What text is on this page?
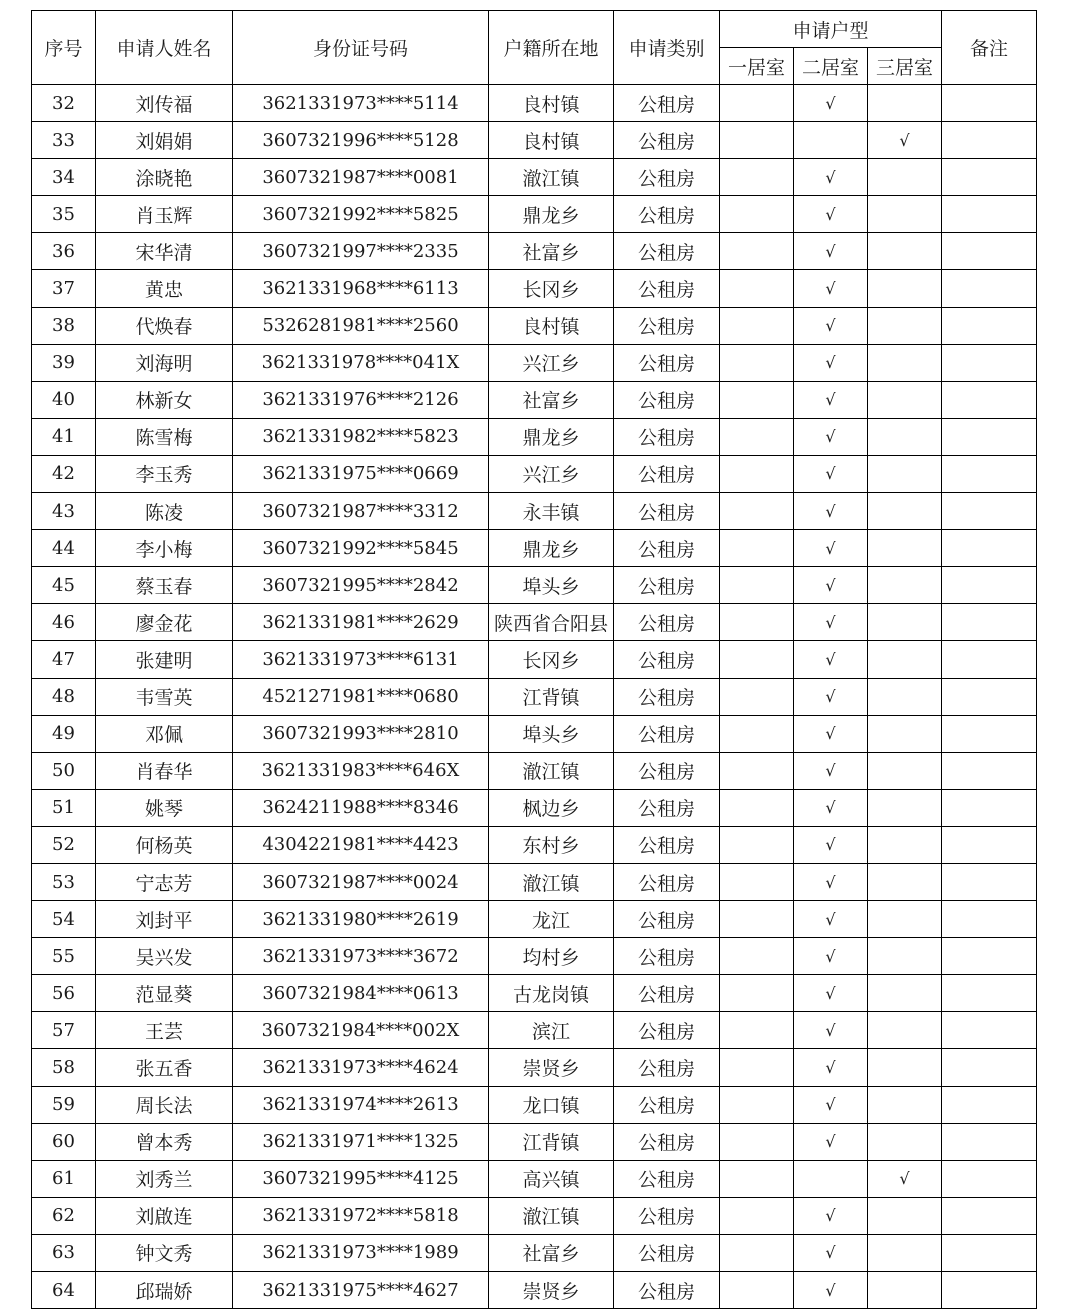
序号	申请人姓名	身份证号码	户籍所在地	申请类别	申请户型			备注
					一居室	二居室	三居室	
32	刘传福	3621331973****5114	良村镇	公租房		√		
33	刘娟娟	3607321996****5128	良村镇	公租房			√	
34	涂晓艳	3607321987****0081	澈江镇	公租房		√		
35	肖玉辉	3607321992****5825	鼎龙乡	公租房		√		
36	宋华清	3607321997****2335	社富乡	公租房		√		
37	黄忠	3621331968****6113	长冈乡	公租房		√		
38	代焕春	5326281981****2560	良村镇	公租房		√		
39	刘海明	3621331978****041X	兴江乡	公租房		√		
40	林新女	3621331976****2126	社富乡	公租房		√		
41	陈雪梅	3621331982****5823	鼎龙乡	公租房		√		
42	李玉秀	3621331975****0669	兴江乡	公租房		√		
43	陈凌	3607321987****3312	永丰镇	公租房		√		
44	李小梅	3607321992****5845	鼎龙乡	公租房		√		
45	蔡玉春	3607321995****2842	埠头乡	公租房		√		
46	廖金花	3621331981****2629	陕西省合阳县	公租房		√		
47	张建明	3621331973****6131	长冈乡	公租房		√		
48	韦雪英	4521271981****0680	江背镇	公租房		√		
49	邓佩	3607321993****2810	埠头乡	公租房		√		
50	肖春华	3621331983****646X	澈江镇	公租房		√		
51	姚琴	3624211988****8346	枫边乡	公租房		√		
52	何杨英	4304221981****4423	东村乡	公租房		√		
53	宁志芳	3607321987****0024	澈江镇	公租房		√		
54	刘封平	3621331980****2619	龙江	公租房		√		
55	吴兴发	3621331973****3672	均村乡	公租房		√		
56	范显葵	3607321984****0613	古龙岗镇	公租房		√		
57	王芸	3607321984****002X	滨江	公租房		√		
58	张五香	3621331973****4624	崇贤乡	公租房		√		
59	周长法	3621331974****2613	龙口镇	公租房		√		
60	曾本秀	3621331971****1325	江背镇	公租房		√		
61	刘秀兰	3607321995****4125	高兴镇	公租房			√	
62	刘啟连	3621331972****5818	澈江镇	公租房		√		
63	钟文秀	3621331973****1989	社富乡	公租房		√		
64	邱瑞娇	3621331975****4627	崇贤乡	公租房		√		
